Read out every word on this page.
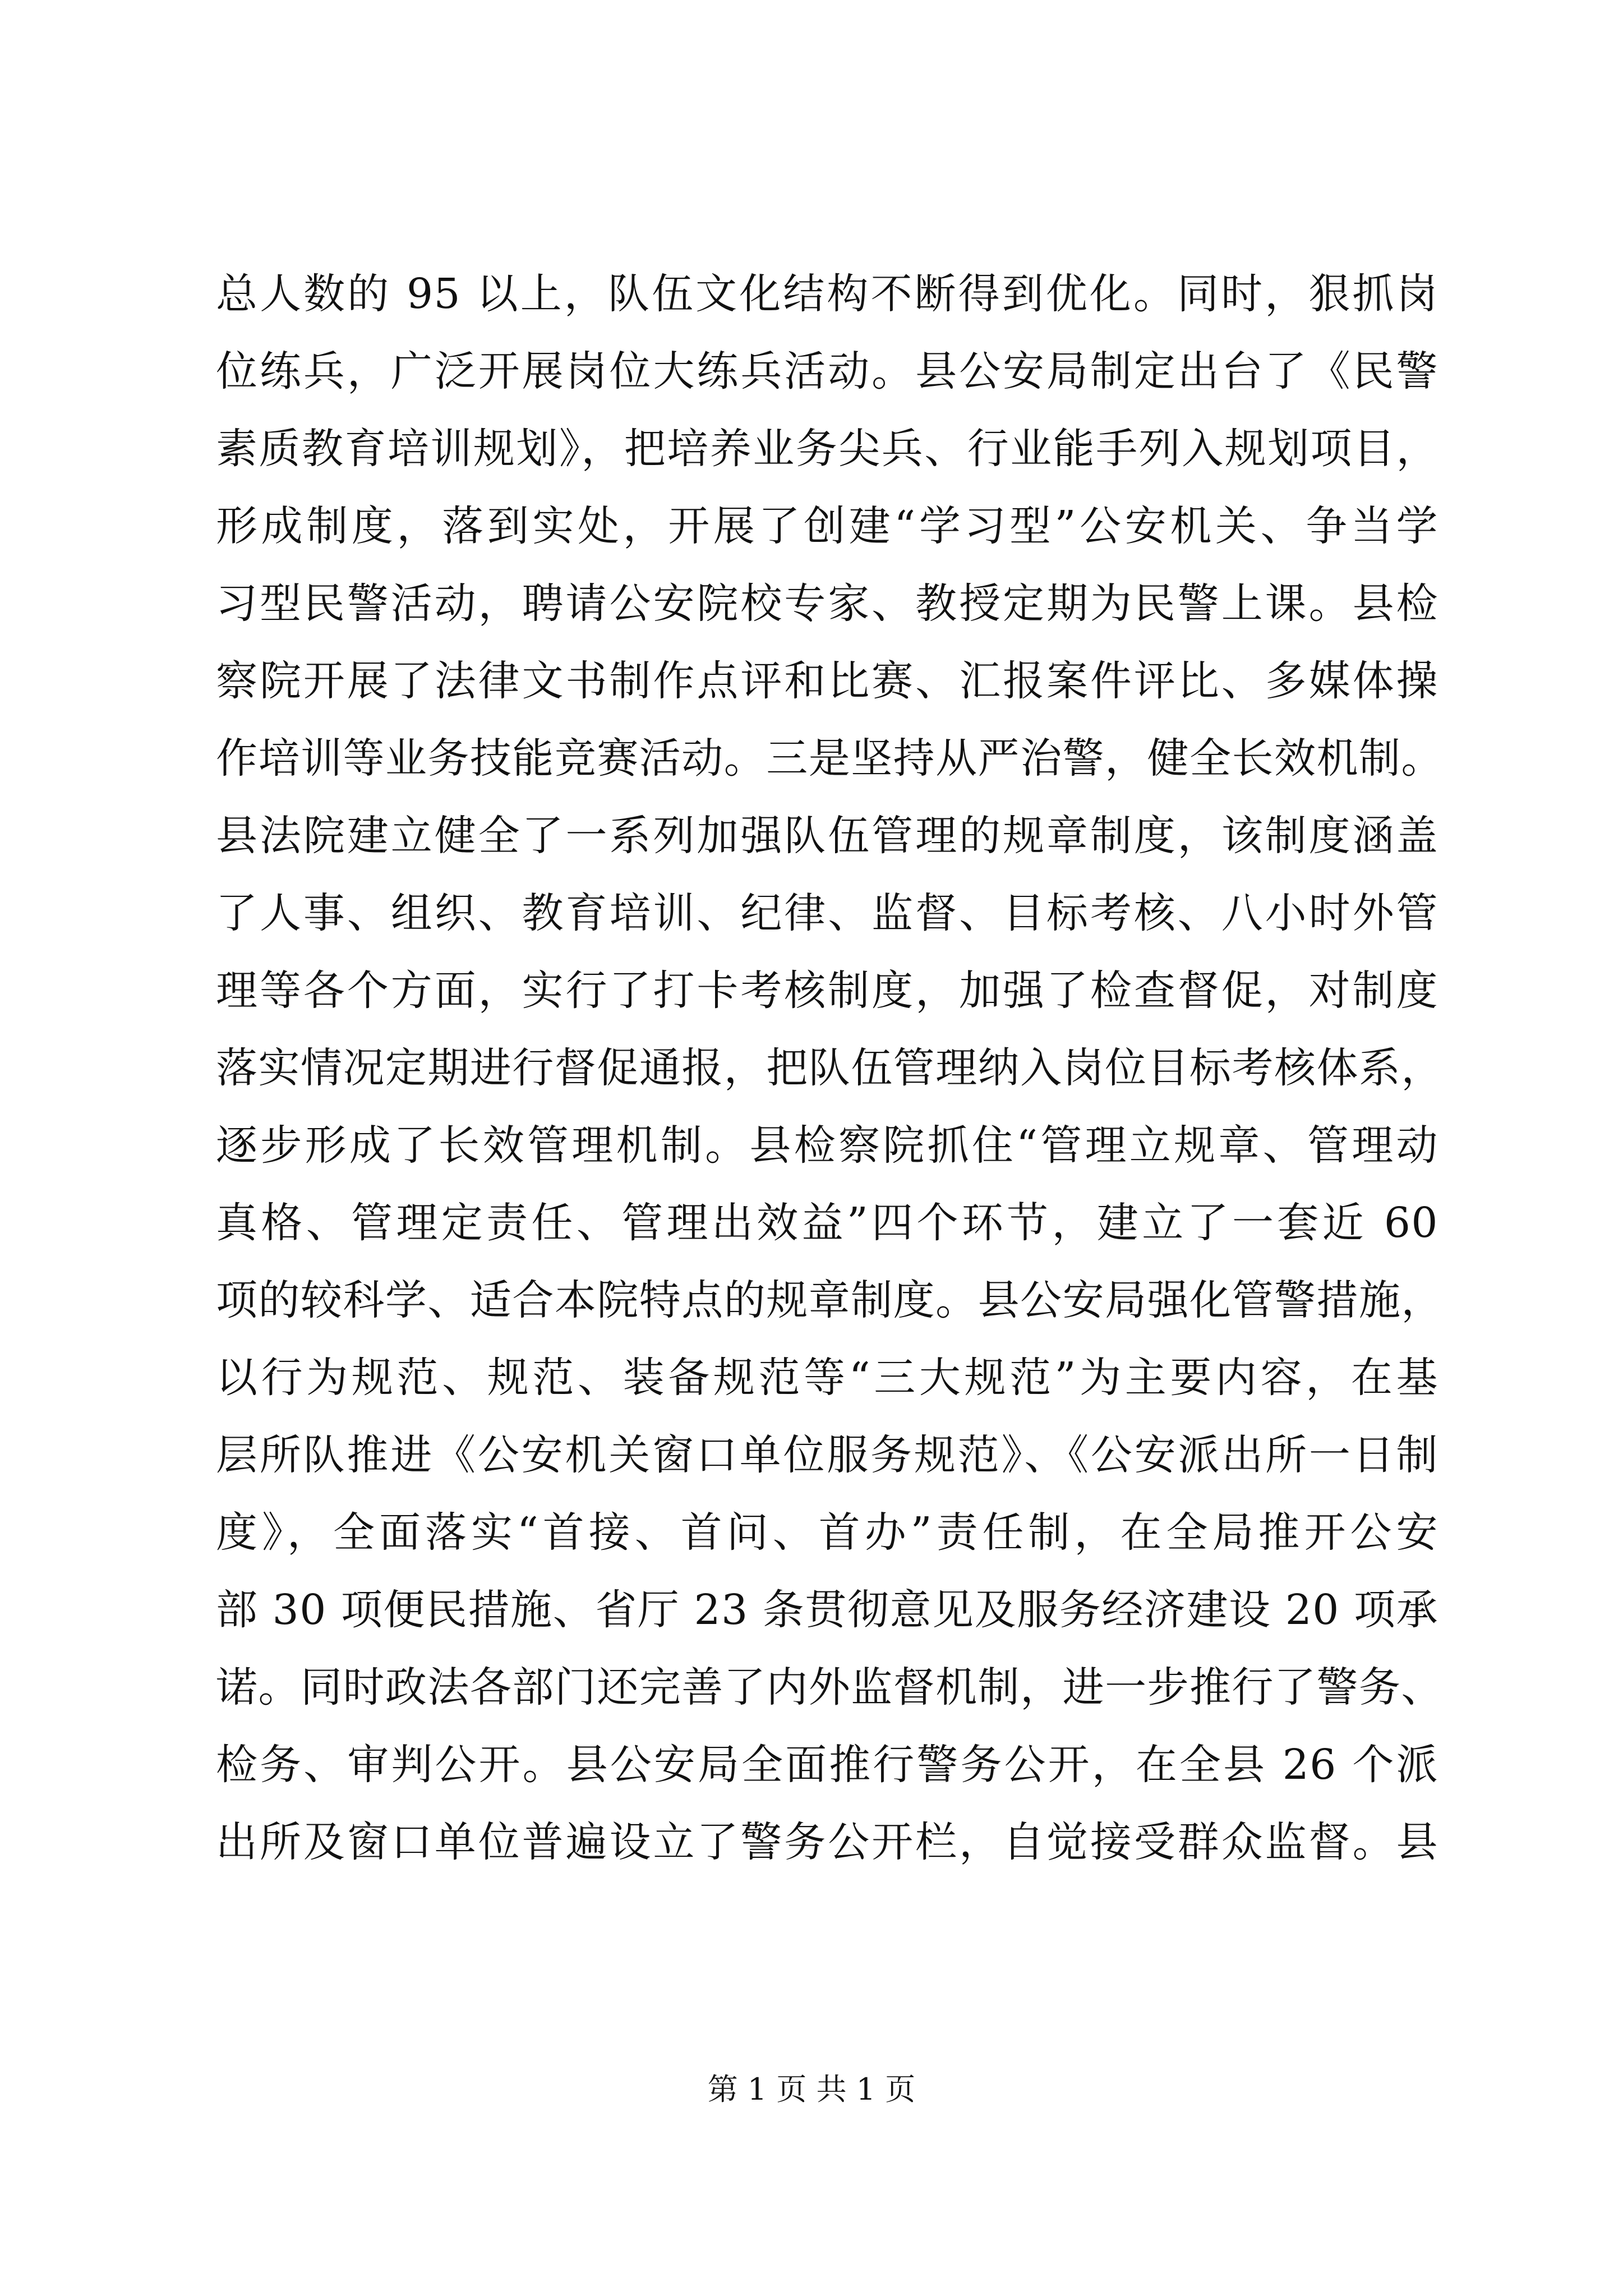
总人数的 95 以上，队伍文化结构不断得到优化。同时，狠抓岗
位练兵，广泛开展岗位大练兵活动。县公安局制定出台了《民警
素质教育培训规划》，把培养业务尖兵、行业能手列入规划项目，
形成制度，落到实处，开展了创建“学习型”公安机关、争当学
习型民警活动，聘请公安院校专家、教授定期为民警上课。县检
察院开展了法律文书制作点评和比赛、汇报案件评比、多媒体操
作培训等业务技能竞赛活动。三是坚持从严治警，健全长效机制。
县法院建立健全了一系列加强队伍管理的规章制度，该制度涵盖
了人事、组织、教育培训、纪律、监督、目标考核、八小时外管
理等各个方面，实行了打卡考核制度，加强了检查督促，对制度
落实情况定期进行督促通报，把队伍管理纳入岗位目标考核体系，
逐步形成了长效管理机制。县检察院抓住“管理立规章、管理动
真格、管理定责任、管理出效益”四个环节，建立了一套近 60
项的较科学、适合本院特点的规章制度。县公安局强化管警措施，
以行为规范、规范、装备规范等“三大规范”为主要内容，在基
层所队推进《公安机关窗口单位服务规范》、《公安派出所一日制
度》，全面落实“首接、首问、首办”责任制，在全局推开公安
部 30 项便民措施、省厅 23 条贯彻意见及服务经济建设 20 项承
诺。同时政法各部门还完善了内外监督机制，进一步推行了警务、
检务、审判公开。县公安局全面推行警务公开，在全县 26 个派
出所及窗口单位普遍设立了警务公开栏，自觉接受群众监督。县
第 1 页 共 1 页
